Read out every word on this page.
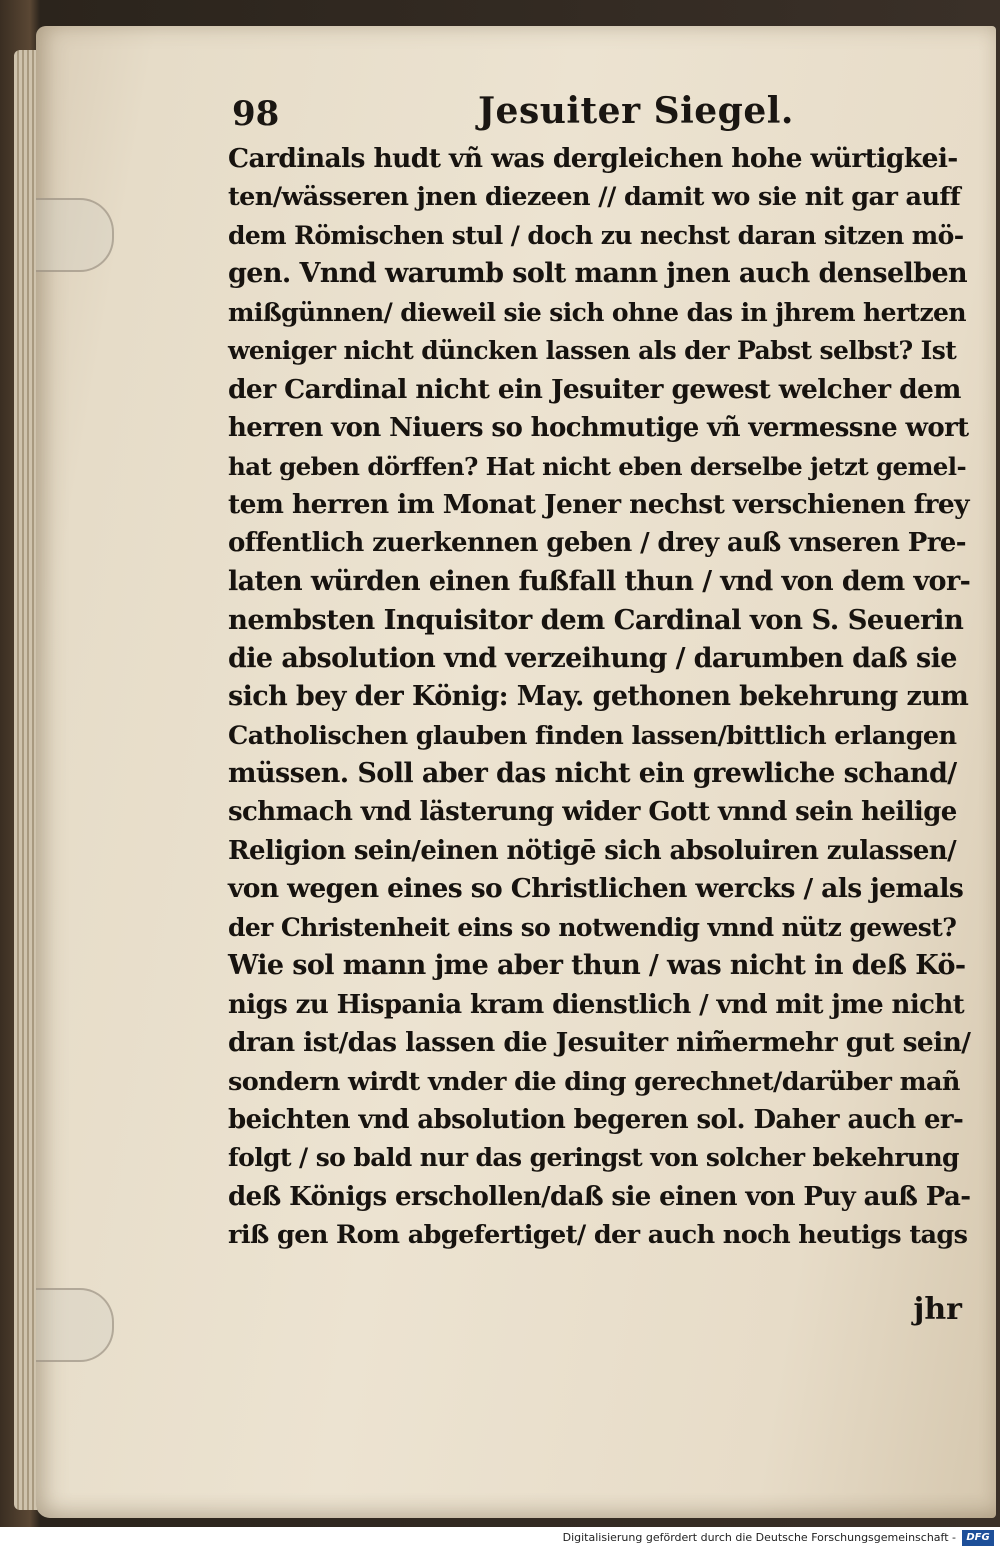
98	Jesuiter Siegel.
Cardinals hudt vñ was dergleichen hohe würtigkei-
ten/wässeren jnen diezeen // damit wo sie nit gar auff
dem Römischen stul / doch zu nechst daran sitzen mö-
gen. Vnnd warumb solt mann jnen auch denselben
mißgünnen/ dieweil sie sich ohne das in jhrem hertzen
weniger nicht düncken lassen als der Pabst selbst? Ist
der Cardinal nicht ein Jesuiter gewest welcher dem
herren von Niuers so hochmutige vñ vermessne wort
hat geben dörffen? Hat nicht eben derselbe jetzt gemel-
tem herren im Monat Jener nechst verschienen frey
offentlich zuerkennen geben / drey auß vnseren Pre-
laten würden einen fußfall thun / vnd von dem vor-
nembsten Inquisitor dem Cardinal von S. Seuerin
die absolution vnd verzeihung / darumben daß sie
sich bey der König: May. gethonen bekehrung zum
Catholischen glauben finden lassen/bittlich erlangen
müssen. Soll aber das nicht ein grewliche schand/
schmach vnd lästerung wider Gott vnnd sein heilige
Religion sein/einen nötigē sich absoluiren zulassen/
von wegen eines so Christlichen wercks / als jemals
der Christenheit eins so notwendig vnnd nütz gewest?
Wie sol mann jme aber thun / was nicht in deß Kö-
nigs zu Hispania kram dienstlich / vnd mit jme nicht
dran ist/das lassen die Jesuiter nim̃ermehr gut sein/
sondern wirdt vnder die ding gerechnet/darüber mañ
beichten vnd absolution begeren sol. Daher auch er-
folgt / so bald nur das geringst von solcher bekehrung
deß Königs erschollen/daß sie einen von Puy auß Pa-
riß gen Rom abgefertiget/ der auch noch heutigs tags
jhr
Digitalisierung gefördert durch die Deutsche Forschungsgemeinschaft -	DFG
